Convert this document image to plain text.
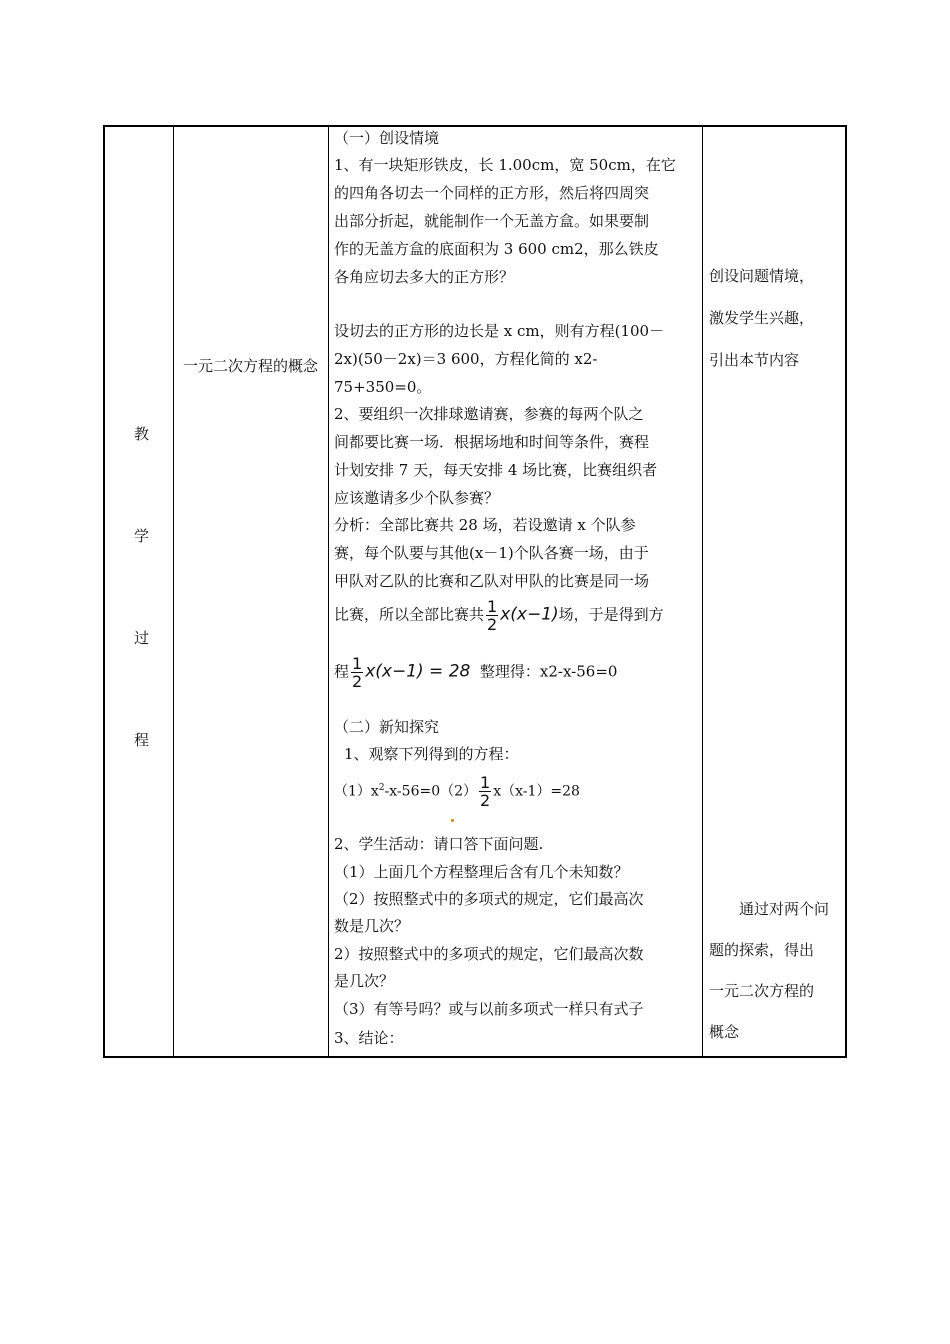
教
学
过
程
一元二次方程的概念
（一）创设情境
1、有一块矩形铁皮，长 1.00cm，宽 50cm，在它
的四角各切去一个同样的正方形，然后将四周突
出部分折起，就能制作一个无盖方盒。如果要制
作的无盖方盒的底面积为 3 600 cm2，那么铁皮
各角应切去多大的正方形？
设切去的正方形的边长是 x cm，则有方程(100－
2x)(50－2x)＝3 600，方程化简的 x2-
75+350=0。
2、要组织一次排球邀请赛，参赛的每两个队之
间都要比赛一场．根据场地和时间等条件，赛程
计划安排 7 天，每天安排 4 场比赛，比赛组织者
应该邀请多少个队参赛？
分析：全部比赛共 28 场，若设邀请 x 个队参
赛，每个队要与其他(x－1)个队各赛一场，由于
甲队对乙队的比赛和乙队对甲队的比赛是同一场
比赛，所以全部比赛共 $\frac{1}{2} x(x-1)$场，于是得到方
程 $\frac{1}{2} x(x-1) = 28$ 整理得：x2-x-56=0
（二）新知探究
1、观察下列得到的方程：
$(1)x^2-x-56=0(2) \frac{1}{2} x(x-1)=28$
2、学生活动：请口答下面问题.
（1）上面几个方程整理后含有几个未知数？
（2）按照整式中的多项式的规定，它们最高次
数是几次？
2）按照整式中的多项式的规定，它们最高次数
是几次？
（3）有等号吗？或与以前多项式一样只有式子
3、结论：
创设问题情境，
激发学生兴趣，
引出本节内容
通过对两个问
题的探索，得出
一元二次方程的
概念
